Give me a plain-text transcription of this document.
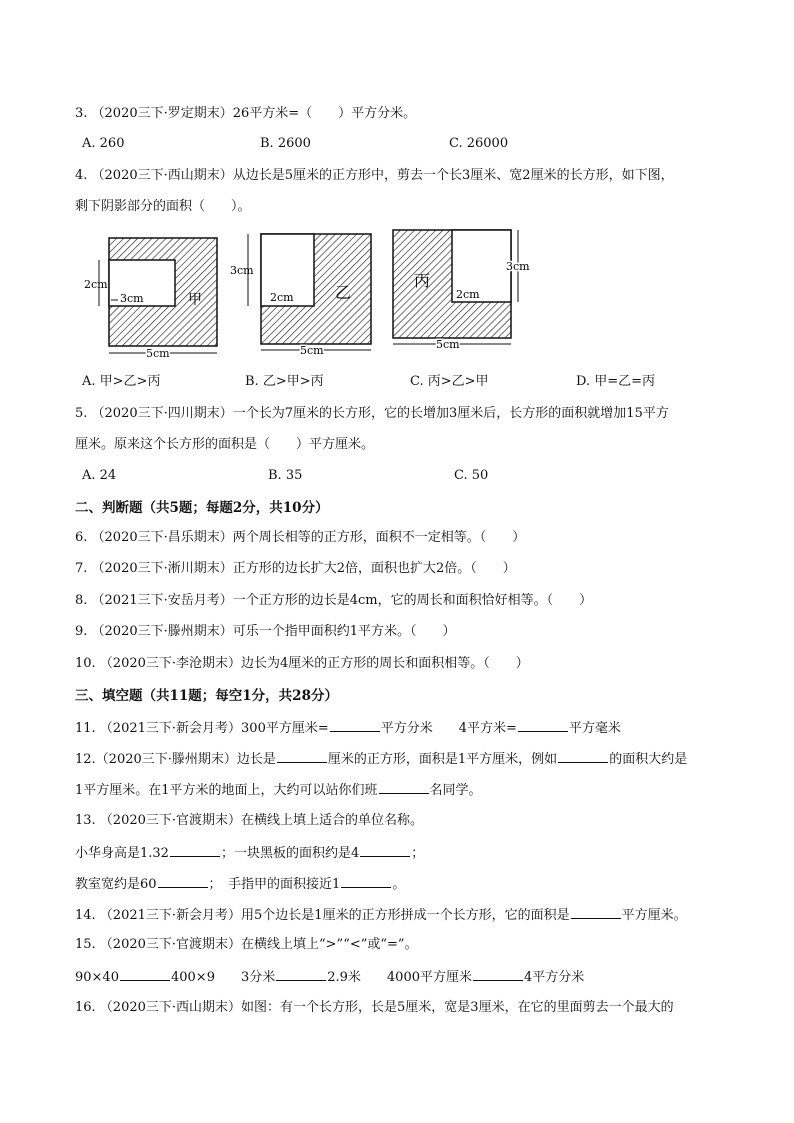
3. （2020三下·罗定期末）26平方米=（　　）平方分米。
A. 260	B. 2600	C. 26000
4. （2020三下·西山期末）从边长是5厘米的正方形中，剪去一个长3厘米、宽2厘米的长方形，如下图，
剩下阴影部分的面积（　　）。
2cm
3cm	甲
5cm
3cm
2cm	乙
5cm
3cm
2cm
丙
5cm
A. 甲>乙>丙	B. 乙>甲>丙	C. 丙>乙>甲	D. 甲=乙=丙
5. （2020三下·四川期末）一个长为7厘米的长方形，它的长增加3厘米后，长方形的面积就增加15平方
厘米。原来这个长方形的面积是（　　）平方厘米。
A. 24	B. 35	C. 50
二、判断题（共5题；每题2分，共10分）
6. （2020三下·昌乐期末）两个周长相等的正方形，面积不一定相等。（　　）
7. （2020三下·淅川期末）正方形的边长扩大2倍，面积也扩大2倍。（　　）
8. （2021三下·安岳月考）一个正方形的边长是4cm，它的周长和面积恰好相等。（　　）
9. （2020三下·滕州期末）可乐一个指甲面积约1平方米。（　　）
10. （2020三下·李沧期末）边长为4厘米的正方形的周长和面积相等。（　　）
三、填空题（共11题；每空1分，共28分）
11. （2021三下·新会月考）300平方厘米=	平方分米　　4平方米=	平方毫米
12.（2020三下·滕州期末）边长是	厘米的正方形，面积是1平方厘米，例如	的面积大约是
1平方厘米。在1平方米的地面上，大约可以站你们班	名同学。
13. （2020三下·官渡期末）在横线上填上适合的单位名称。
小华身高是1.32	；一块黑板的面积约是4	；
教室宽约是60	；　手指甲的面积接近1	。
14. （2021三下·新会月考）用5个边长是1厘米的正方形拼成一个长方形，它的面积是	平方厘米。
15. （2020三下·官渡期末）在横线上填上“>”“<”或“=”。
90×40	400×9　　3分米	2.9米　　4000平方厘米	4平方分米
16. （2020三下·西山期末）如图：有一个长方形，长是5厘米，宽是3厘米，在它的里面剪去一个最大的
